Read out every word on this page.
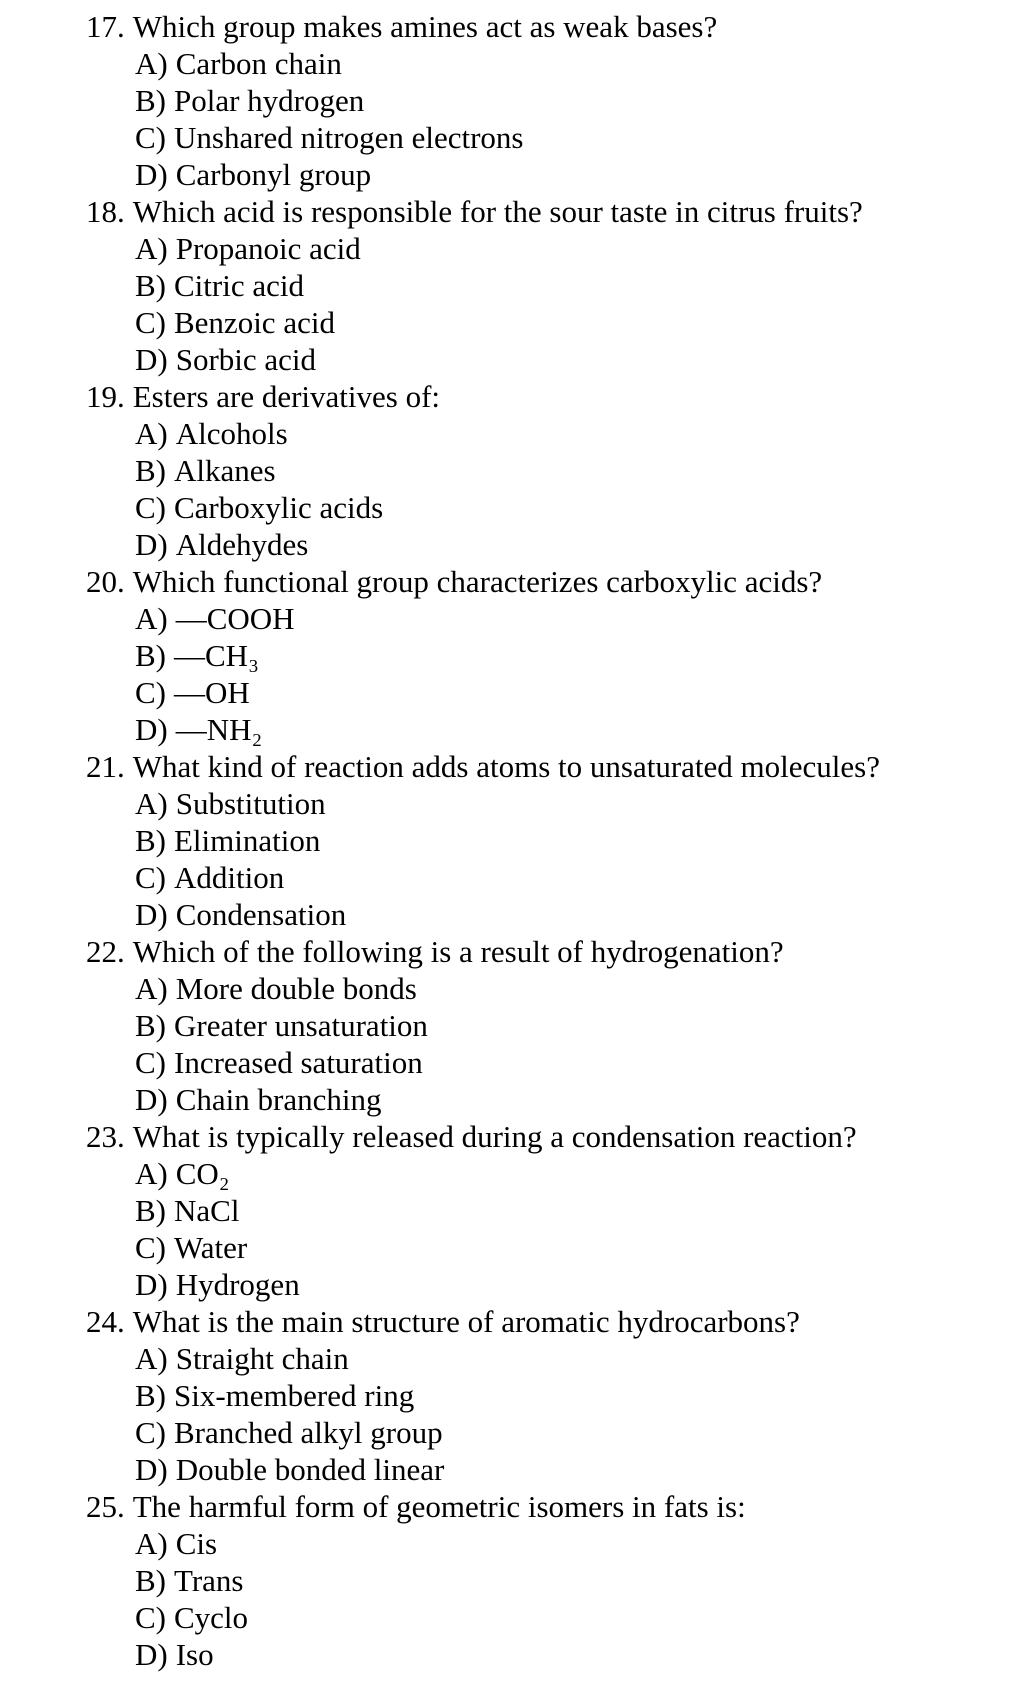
17. Which group makes amines act as weak bases?
A) Carbon chain
B) Polar hydrogen
C) Unshared nitrogen electrons
D) Carbonyl group
18. Which acid is responsible for the sour taste in citrus fruits?
A) Propanoic acid
B) Citric acid
C) Benzoic acid
D) Sorbic acid
19. Esters are derivatives of:
A) Alcohols
B) Alkanes
C) Carboxylic acids
D) Aldehydes
20. Which functional group characterizes carboxylic acids?
A) —COOH
B) —CH₃
C) —OH
D) —NH₂
21. What kind of reaction adds atoms to unsaturated molecules?
A) Substitution
B) Elimination
C) Addition
D) Condensation
22. Which of the following is a result of hydrogenation?
A) More double bonds
B) Greater unsaturation
C) Increased saturation
D) Chain branching
23. What is typically released during a condensation reaction?
A) CO₂
B) NaCl
C) Water
D) Hydrogen
24. What is the main structure of aromatic hydrocarbons?
A) Straight chain
B) Six-membered ring
C) Branched alkyl group
D) Double bonded linear
25. The harmful form of geometric isomers in fats is:
A) Cis
B) Trans
C) Cyclo
D) Iso
